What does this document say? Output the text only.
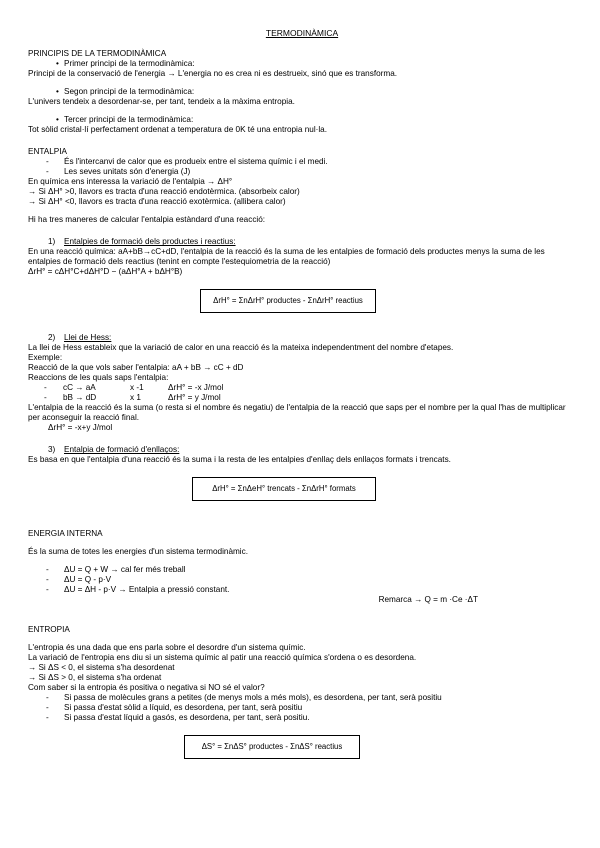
TERMODINÀMICA

PRINCIPIS DE LA TERMODINÀMICA

• Primer principi de la termodinàmica:

Principi de la conservació de l'energia → L'energia no es crea ni es destrueix, sinó que es transforma.

• Segon principi de la termodinàmica:

L'univers tendeix a desordenar-se, per tant, tendeix a la màxima entropia.

• Tercer principi de la termodinàmica:

Tot sòlid cristal·lí perfectament ordenat a temperatura de 0K té una entropia nul·la.

ENTALPIA

- És l'intercanvi de calor que es produeix entre el sistema químic i el medi.

- Les seves unitats són d'energia (J)

En química ens interessa la variació de l'entalpia → ΔH°

→ Si ΔH° >0, llavors es tracta d'una reacció endotèrmica. (absorbeix calor)

→ Si ΔH° <0, llavors es tracta d'una reacció exotèrmica. (allibera calor)

Hi ha tres maneres de calcular l'entalpia estàndard d'una reacció:

1) Entalpies de formació dels productes i reactius:

En una reacció química: aA+bB→cC+dD, l'entalpia de la reacció és la suma de les entalpies de formació dels productes menys la suma de les entalpies de formació dels reactius (tenint en compte l'estequiometria de la reacció)

ΔrH° = cΔH°C+dΔH°D − (aΔH°A + bΔH°B)

ΔrH° = ΣnΔrH° productes - ΣnΔrH° reactius

2) Llei de Hess:

La llei de Hess estableix que la variació de calor en una reacció és la mateixa independentment del nombre d'etapes.

Exemple:

Reacció de la que vols saber l'entalpia: aA + bB → cC + dD

Reaccions de les quals saps l'entalpia:

-	cC → aA	x -1	ΔrH° = -x J/mol
-	bB → dD	x 1	ΔrH° = y J/mol

L'entalpia de la reacció és la suma (o resta si el nombre és negatiu) de l'entalpia de la reacció que saps per el nombre per la qual l'has de multiplicar per aconseguir la reacció final.

ΔrH° = -x+y J/mol

3) Entalpia de formació d'enllaços:

Es basa en que l'entalpia d'una reacció és la suma i la resta de les entalpies d'enllaç dels enllaços formats i trencats.

ΔrH° = ΣnΔeH° trencats - ΣnΔrH° formats

ENERGIA INTERNA

És la suma de totes les energies d'un sistema termodinàmic.

- ΔU = Q + W → cal fer més treball

- ΔU = Q - p·V

- ΔU = ΔH - p·V → Entalpia a pressió constant.

Remarca → Q = m ·Ce ·ΔT

ENTROPIA

L'entropia és una dada que ens parla sobre el desordre d'un sistema químic.

La variació de l'entropia ens diu si un sistema químic al patir una reacció química s'ordena o es desordena.

→ Si ΔS < 0, el sistema s'ha desordenat

→ Si ΔS > 0, el sistema s'ha ordenat

Com saber si la entropia és positiva o negativa si NO sé el valor?

- Si passa de molècules grans a petites (de menys mols a més mols), es desordena, per tant, serà positiu

- Si passa d'estat sòlid a líquid, es desordena, per tant, serà positiu

- Si passa d'estat líquid a gasós, es desordena, per tant, serà positiu.

ΔS° = ΣnΔS° productes - ΣnΔS° reactius
